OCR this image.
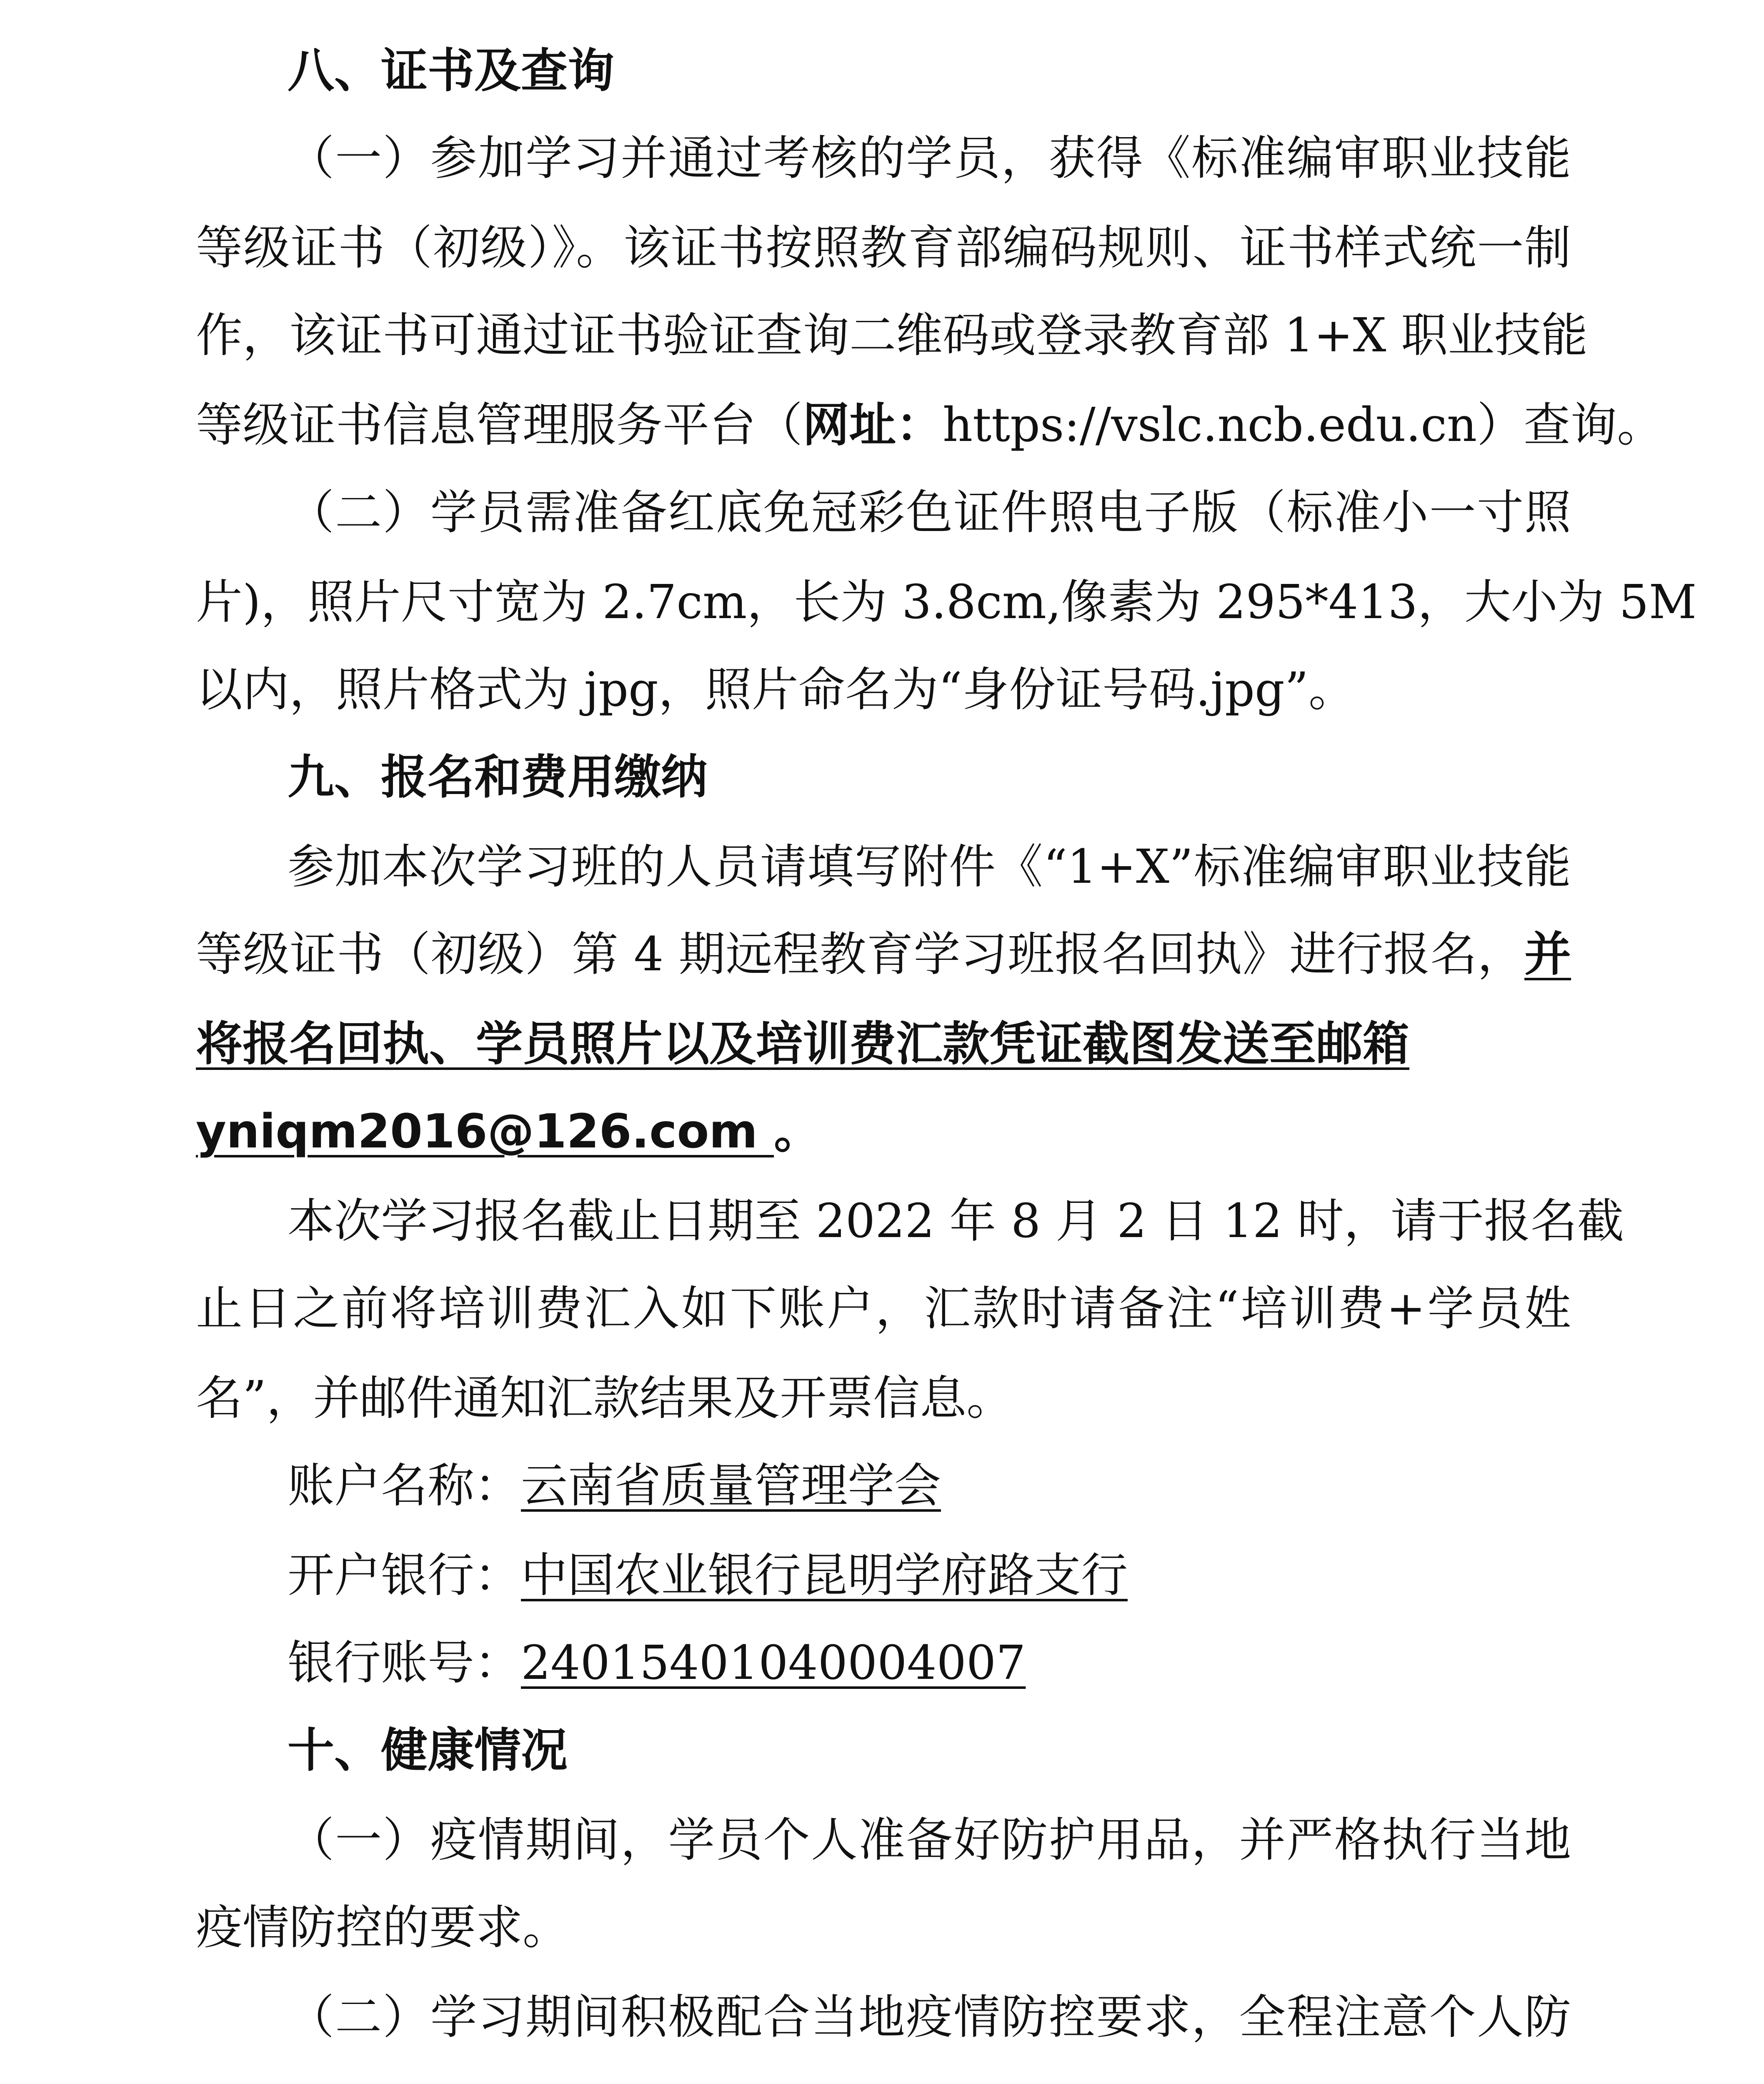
八、证书及查询
（一）参加学习并通过考核的学员，获得《标准编审职业技能
等级证书（初级）》。该证书按照教育部编码规则、证书样式统一制
作，该证书可通过证书验证查询二维码或登录教育部 1+X 职业技能
等级证书信息管理服务平台（网址：https://vslc.ncb.edu.cn）查询。
（二）学员需准备红底免冠彩色证件照电子版（标准小一寸照
片)，照片尺寸宽为 2.7cm，长为 3.8cm,像素为 295*413，大小为 5M
以内，照片格式为 jpg，照片命名为“身份证号码.jpg”。
九、报名和费用缴纳
参加本次学习班的人员请填写附件《“1+X”标准编审职业技能
等级证书（初级）第 4 期远程教育学习班报名回执》进行报名，并
将报名回执、学员照片以及培训费汇款凭证截图发送至邮箱
yniqm2016@126.com 。
本次学习报名截止日期至 2022 年 8 月 2 日 12 时，请于报名截
止日之前将培训费汇入如下账户，汇款时请备注“培训费+学员姓
名”，并邮件通知汇款结果及开票信息。
账户名称：云南省质量管理学会
开户银行：中国农业银行昆明学府路支行
银行账号：24015401040004007
十、健康情况
（一）疫情期间，学员个人准备好防护用品，并严格执行当地
疫情防控的要求。
（二）学习期间积极配合当地疫情防控要求，全程注意个人防
